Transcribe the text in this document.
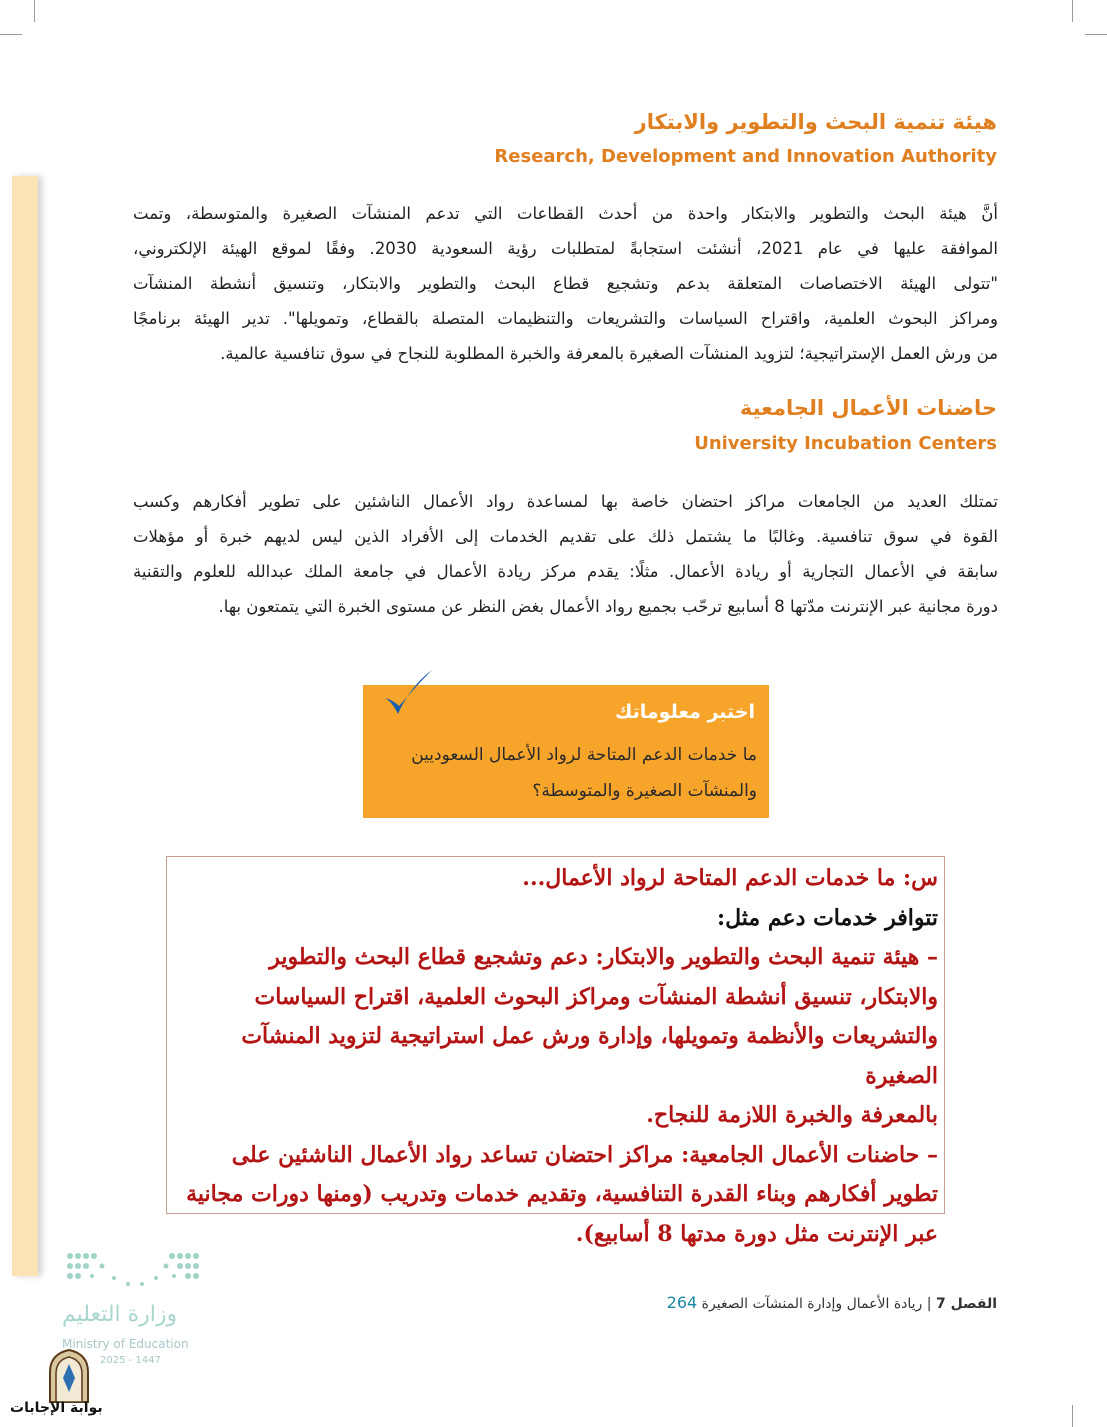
هيئة تنمية البحث والتطوير والابتكار
Research, Development and Innovation Authority
أنَّ هيئة البحث والتطوير والابتكار واحدة من أحدث القطاعات التي تدعم المنشآت الصغيرة والمتوسطة، وتمت
الموافقة عليها في عام 2021، أنشئت استجابةً لمتطلبات رؤية السعودية 2030. وفقًا لموقع الهيئة الإلكتروني،
"تتولى الهيئة الاختصاصات المتعلقة بدعم وتشجيع قطاع البحث والتطوير والابتكار، وتنسيق أنشطة المنشآت
ومراكز البحوث العلمية، واقتراح السياسات والتشريعات والتنظيمات المتصلة بالقطاع، وتمويلها". تدير الهيئة برنامجًا
من ورش العمل الإستراتيجية؛ لتزويد المنشآت الصغيرة بالمعرفة والخبرة المطلوبة للنجاح في سوق تنافسية عالمية.
حاضنات الأعمال الجامعية
University Incubation Centers
تمتلك العديد من الجامعات مراكز احتضان خاصة بها لمساعدة رواد الأعمال الناشئين على تطوير أفكارهم وكسب
القوة في سوق تنافسية. وغالبًا ما يشتمل ذلك على تقديم الخدمات إلى الأفراد الذين ليس لديهم خبرة أو مؤهلات
سابقة في الأعمال التجارية أو ريادة الأعمال. مثلًا: يقدم مركز ريادة الأعمال في جامعة الملك عبدالله للعلوم والتقنية
دورة مجانية عبر الإنترنت مدّتها 8 أسابيع ترحّب بجميع رواد الأعمال بغض النظر عن مستوى الخبرة التي يتمتعون بها.
اختبر معلوماتك
ما خدمات الدعم المتاحة لرواد الأعمال السعوديين
والمنشآت الصغيرة والمتوسطة؟
س: ما خدمات الدعم المتاحة لرواد الأعمال...
تتوافر خدمات دعم مثل:
– هيئة تنمية البحث والتطوير والابتكار: دعم وتشجيع قطاع البحث والتطوير
والابتكار، تنسيق أنشطة المنشآت ومراكز البحوث العلمية، اقتراح السياسات
والتشريعات والأنظمة وتمويلها، وإدارة ورش عمل استراتيجية لتزويد المنشآت الصغيرة
بالمعرفة والخبرة اللازمة للنجاح.
– حاضنات الأعمال الجامعية: مراكز احتضان تساعد رواد الأعمال الناشئين على
تطوير أفكارهم وبناء القدرة التنافسية، وتقديم خدمات وتدريب (ومنها دورات مجانية
عبر الإنترنت مثل دورة مدتها 8 أسابيع).
الفصل 7 | ريادة الأعمال وإدارة المنشآت الصغيرة 264
وزارة التعليم
Ministry of Education
2025 - 1447
بوابة الإجابات
